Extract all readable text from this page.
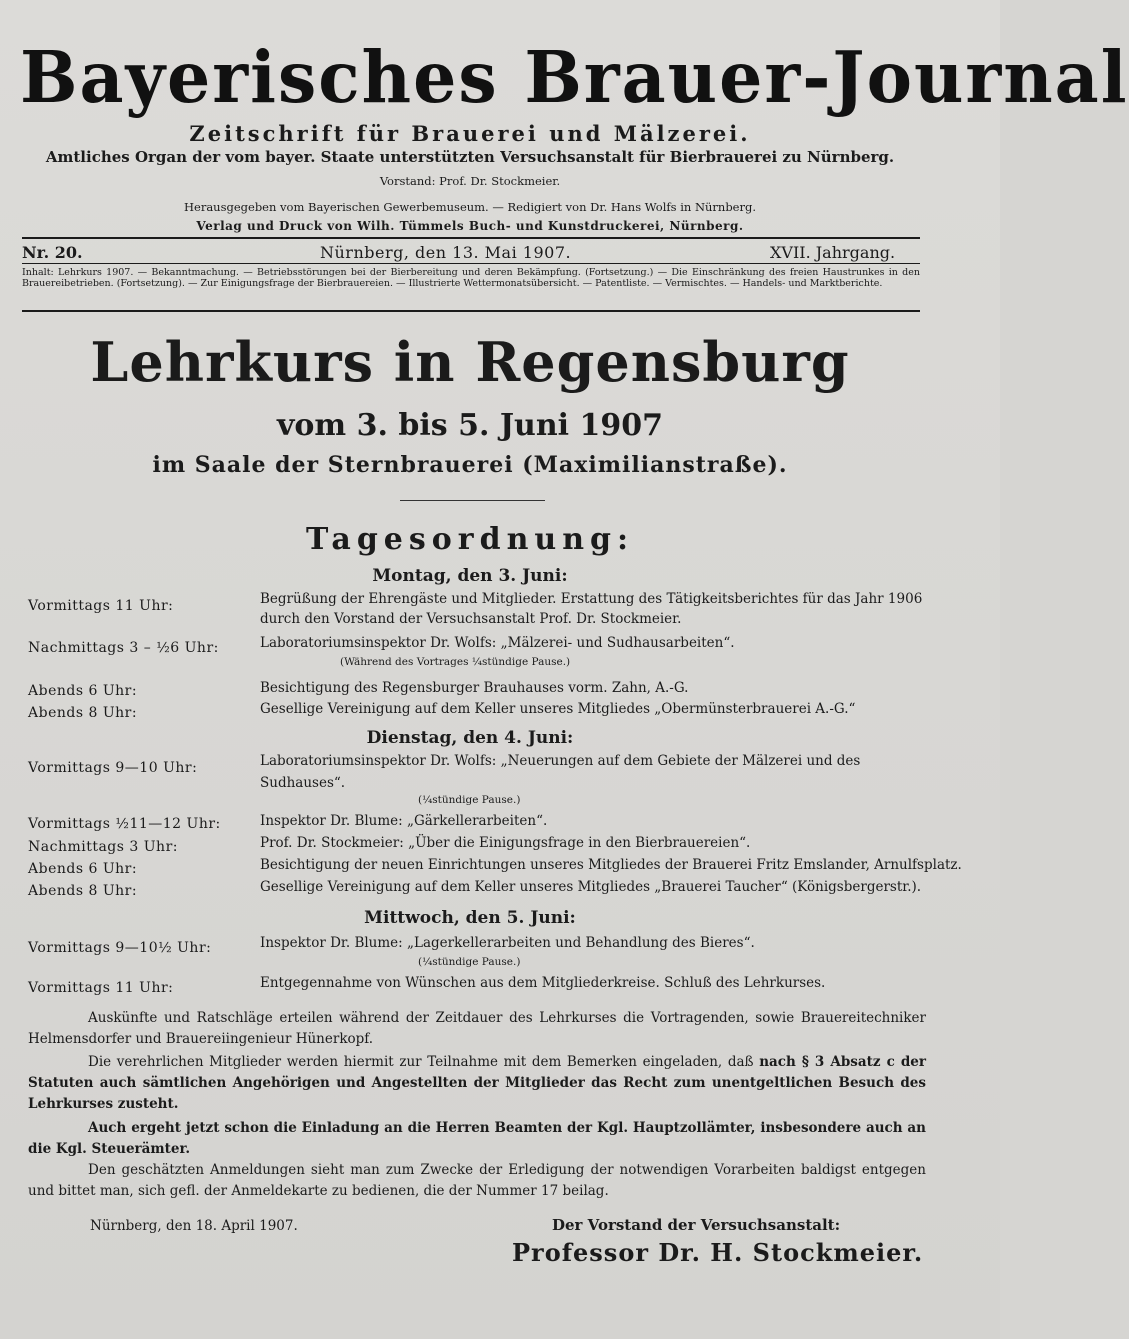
Bayerisches Brauer-Journal
Zeitschrift für Brauerei und Mälzerei.
Amtliches Organ der vom bayer. Staate unterstützten Versuchsanstalt für Bierbrauerei zu Nürnberg.
Vorstand: Prof. Dr. Stockmeier.
Herausgegeben vom Bayerischen Gewerbemuseum. — Redigiert von Dr. Hans Wolfs in Nürnberg.
Verlag und Druck von Wilh. Tümmels Buch- und Kunstdruckerei, Nürnberg.
Nr. 20.	Nürnberg, den 13. Mai 1907.	XVII. Jahrgang.
Inhalt: Lehrkurs 1907. — Bekanntmachung. — Betriebsstörungen bei der Bierbereitung und deren Bekämpfung. (Fortsetzung.) — Die Einschränkung des freien Haustrunkes in den Brauereibetrieben. (Fortsetzung). — Zur Einigungsfrage der Bierbrauereien. — Illustrierte Wettermonatsübersicht. — Patentliste. — Vermischtes. — Handels- und Marktberichte.
Lehrkurs in Regensburg
vom 3. bis 5. Juni 1907
im Saale der Sternbrauerei (Maximilianstraße).
Tagesordnung:
Montag, den 3. Juni:
Vormittags 11 Uhr:	Begrüßung der Ehrengäste und Mitglieder. Erstattung des Tätigkeitsberichtes für das Jahr 1906
durch den Vorstand der Versuchsanstalt Prof. Dr. Stockmeier.
Nachmittags 3 – ½6 Uhr:	Laboratoriumsinspektor Dr. Wolfs: „Mälzerei- und Sudhausarbeiten“.
(Während des Vortrages ¼stündige Pause.)
Abends 6 Uhr:	Besichtigung des Regensburger Brauhauses vorm. Zahn, A.-G.
Abends 8 Uhr:	Gesellige Vereinigung auf dem Keller unseres Mitgliedes „Obermünsterbrauerei A.-G.“
Dienstag, den 4. Juni:
Vormittags 9—10 Uhr:	Laboratoriumsinspektor Dr. Wolfs: „Neuerungen auf dem Gebiete der Mälzerei und des
Sudhauses“.
(¼stündige Pause.)
Vormittags ½11—12 Uhr:	Inspektor Dr. Blume: „Gärkellerarbeiten“.
Nachmittags 3 Uhr:	Prof. Dr. Stockmeier: „Über die Einigungsfrage in den Bierbrauereien“.
Abends 6 Uhr:	Besichtigung der neuen Einrichtungen unseres Mitgliedes der Brauerei Fritz Emslander, Arnulfsplatz.
Abends 8 Uhr:	Gesellige Vereinigung auf dem Keller unseres Mitgliedes „Brauerei Taucher“ (Königsbergerstr.).
Mittwoch, den 5. Juni:
Vormittags 9—10½ Uhr:	Inspektor Dr. Blume: „Lagerkellerarbeiten und Behandlung des Bieres“.
(¼stündige Pause.)
Vormittags 11 Uhr:	Entgegennahme von Wünschen aus dem Mitgliederkreise. Schluß des Lehrkurses.
Auskünfte und Ratschläge erteilen während der Zeitdauer des Lehrkurses die Vortragenden, sowie Brauereitechniker Helmensdorfer und Brauereiingenieur Hünerkopf.
Die verehrlichen Mitglieder werden hiermit zur Teilnahme mit dem Bemerken eingeladen, daß nach § 3 Absatz c der Statuten auch sämtlichen Angehörigen und Angestellten der Mitglieder das Recht zum unentgeltlichen Besuch des Lehrkurses zusteht.
Auch ergeht jetzt schon die Einladung an die Herren Beamten der Kgl. Hauptzollämter, insbesondere auch an die Kgl. Steuerämter.
Den geschätzten Anmeldungen sieht man zum Zwecke der Erledigung der notwendigen Vorarbeiten baldigst entgegen und bittet man, sich gefl. der Anmeldekarte zu bedienen, die der Nummer 17 beilag.
Nürnberg, den 18. April 1907.	Der Vorstand der Versuchsanstalt:
Professor Dr. H. Stockmeier.
